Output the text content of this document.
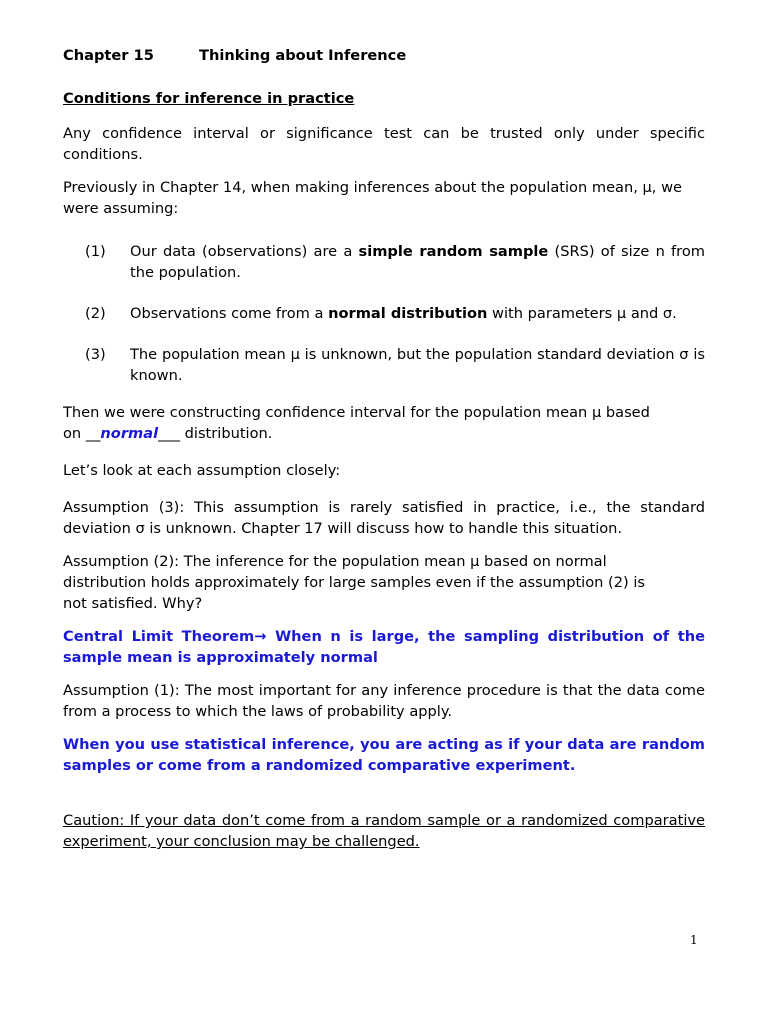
Chapter 15	Thinking about Inference
Conditions for inference in practice

Any confidence interval or significance test can be trusted only under specific conditions.

Previously in Chapter 14, when making inferences about the population mean, μ, we were assuming:

(1)	Our data (observations) are a simple random sample (SRS) of size n from the population.
(2)	Observations come from a normal distribution with parameters μ and σ.
(3)	The population mean μ is unknown, but the population standard deviation σ is known.

Then we were constructing confidence interval for the population mean μ based
on __normal___ distribution.

Let’s look at each assumption closely:

Assumption (3): This assumption is rarely satisfied in practice, i.e., the standard deviation σ is unknown. Chapter 17 will discuss how to handle this situation.

Assumption (2): The inference for the population mean μ based on normal
distribution holds approximately for large samples even if the assumption (2) is
not satisfied. Why?

Central Limit Theorem→ When n is large, the sampling distribution of the sample mean is approximately normal

Assumption (1): The most important for any inference procedure is that the data come from a process to which the laws of probability apply.

When you use statistical inference, you are acting as if your data are random samples or come from a randomized comparative experiment.

Caution: If your data don’t come from a random sample or a randomized comparative experiment, your conclusion may be challenged.

1
